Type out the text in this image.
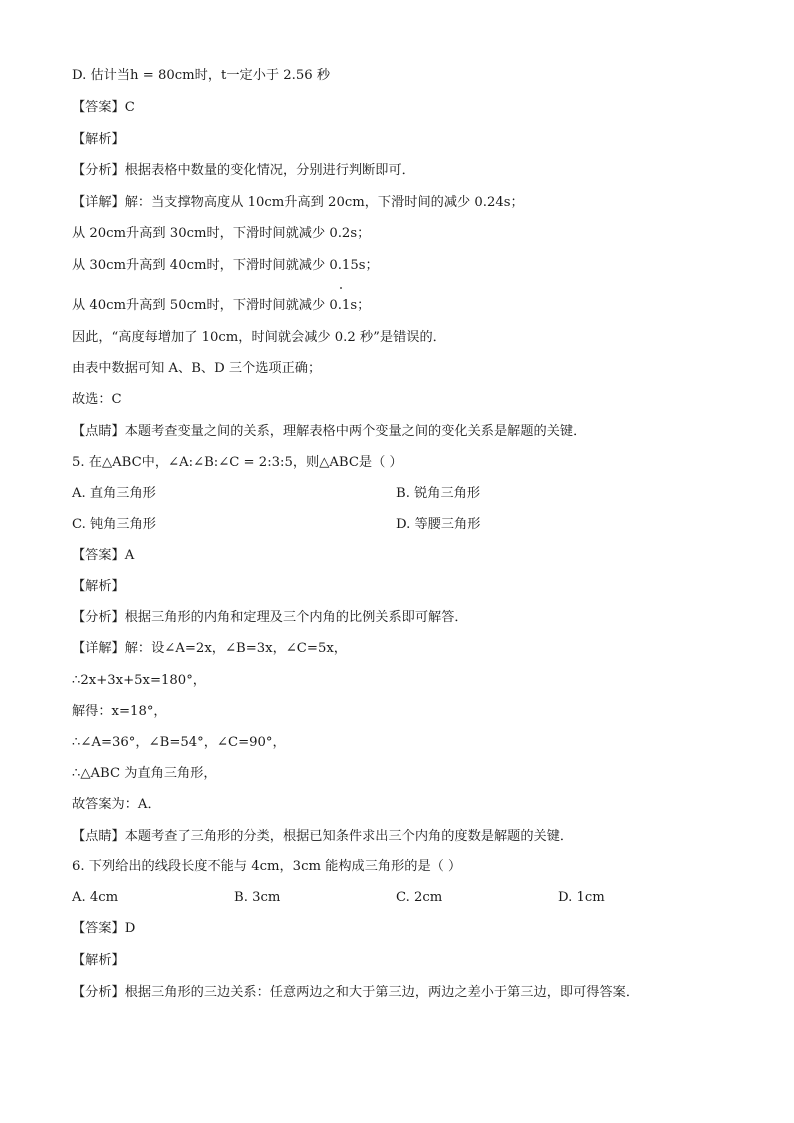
D. 估计当h = 80cm时，t一定小于 2.56 秒
【答案】C
【解析】
【分析】根据表格中数量的变化情况，分别进行判断即可．
【详解】解：当支撑物高度从 10cm升高到 20cm，下滑时间的减少 0.24s；
从 20cm升高到 30cm时，下滑时间就减少 0.2s；
从 30cm升高到 40cm时，下滑时间就减少 0.15s；
从 40cm升高到 50cm时，下滑时间就减少 0.1s；
因此，“高度每增加了 10cm，时间就会减少 0.2 秒”是错误的．
由表中数据可知 A、B、D 三个选项正确；
故选：C
【点睛】本题考查变量之间的关系，理解表格中两个变量之间的变化关系是解题的关键．
5. 在△ABC中，∠A:∠B:∠C = 2:3:5，则△ABC是（ ）
A. 直角三角形	B. 锐角三角形
C. 钝角三角形	D. 等腰三角形
【答案】A
【解析】
【分析】根据三角形的内角和定理及三个内角的比例关系即可解答．
【详解】解：设∠A=2x，∠B=3x，∠C=5x，
∴2x+3x+5x=180°，
解得：x=18°，
∴∠A=36°，∠B=54°，∠C=90°，
∴△ABC 为直角三角形，
故答案为：A．
【点睛】本题考查了三角形的分类，根据已知条件求出三个内角的度数是解题的关键．
6. 下列给出的线段长度不能与 4cm，3cm 能构成三角形的是（ ）
A. 4cm	B. 3cm	C. 2cm	D. 1cm
【答案】D
【解析】
【分析】根据三角形的三边关系：任意两边之和大于第三边，两边之差小于第三边，即可得答案．
